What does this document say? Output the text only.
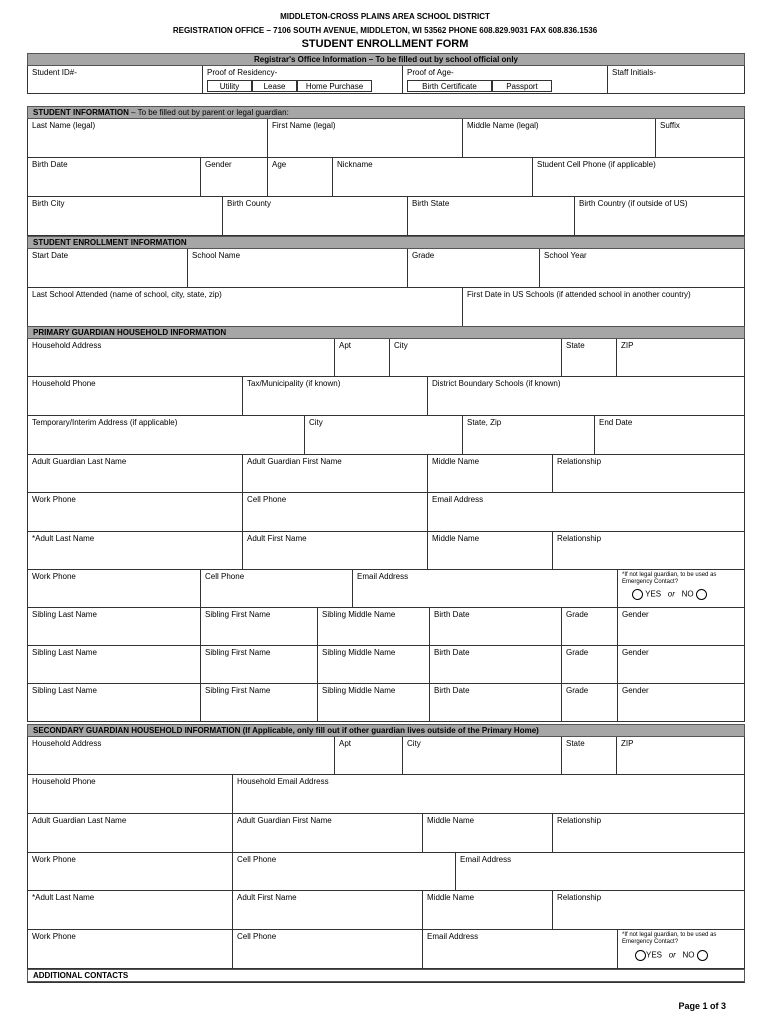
MIDDLETON-CROSS PLAINS AREA SCHOOL DISTRICT
REGISTRATION OFFICE – 7106 SOUTH AVENUE, MIDDLETON, WI 53562 PHONE 608.829.9031 FAX 608.836.1536
STUDENT ENROLLMENT FORM
Registrar's Office Information – To be filled out by school official only
Student ID#-	Proof of Residency-	Proof of Age-	Staff Initials-
Utility	Lease	Home Purchase	Birth Certificate	Passport
STUDENT INFORMATION – To be filled out by parent or legal guardian:
Last Name (legal)	First Name (legal)	Middle Name (legal)	Suffix
Birth Date	Gender	Age	Nickname	Student Cell Phone (if applicable)
Birth City	Birth County	Birth State	Birth Country (if outside of US)
STUDENT ENROLLMENT INFORMATION
Start Date	School Name	Grade	School Year
Last School Attended (name of school, city, state, zip)	First Date in US Schools (if attended school in another country)
PRIMARY GUARDIAN HOUSEHOLD INFORMATION
Household Address	Apt	City	State	ZIP
Household Phone	Tax/Municipality (if known)	District Boundary Schools (if known)
Temporary/Interim Address (if applicable)	City	State, Zip	End Date
Adult Guardian Last Name	Adult Guardian First Name	Middle Name	Relationship
Work Phone	Cell Phone	Email Address
*Adult Last Name	Adult First Name	Middle Name	Relationship
Work Phone	Cell Phone	Email Address	*If not legal guardian, to be used as Emergency Contact?
YES or NO
Sibling Last Name	Sibling First Name	Sibling Middle Name	Birth Date	Grade	Gender
Sibling Last Name	Sibling First Name	Sibling Middle Name	Birth Date	Grade	Gender
Sibling Last Name	Sibling First Name	Sibling Middle Name	Birth Date	Grade	Gender
SECONDARY GUARDIAN HOUSEHOLD INFORMATION (If Applicable, only fill out if other guardian lives outside of the Primary Home)
Household Address	Apt	City	State	ZIP
Household Phone	Household Email Address
Adult Guardian Last Name	Adult Guardian First Name	Middle Name	Relationship
Work Phone	Cell Phone	Email Address
*Adult Last Name	Adult First Name	Middle Name	Relationship
Work Phone	Cell Phone	Email Address	*If not legal guardian, to be used as Emergency Contact?
YES or NO
ADDITIONAL CONTACTS
Page 1 of 3
